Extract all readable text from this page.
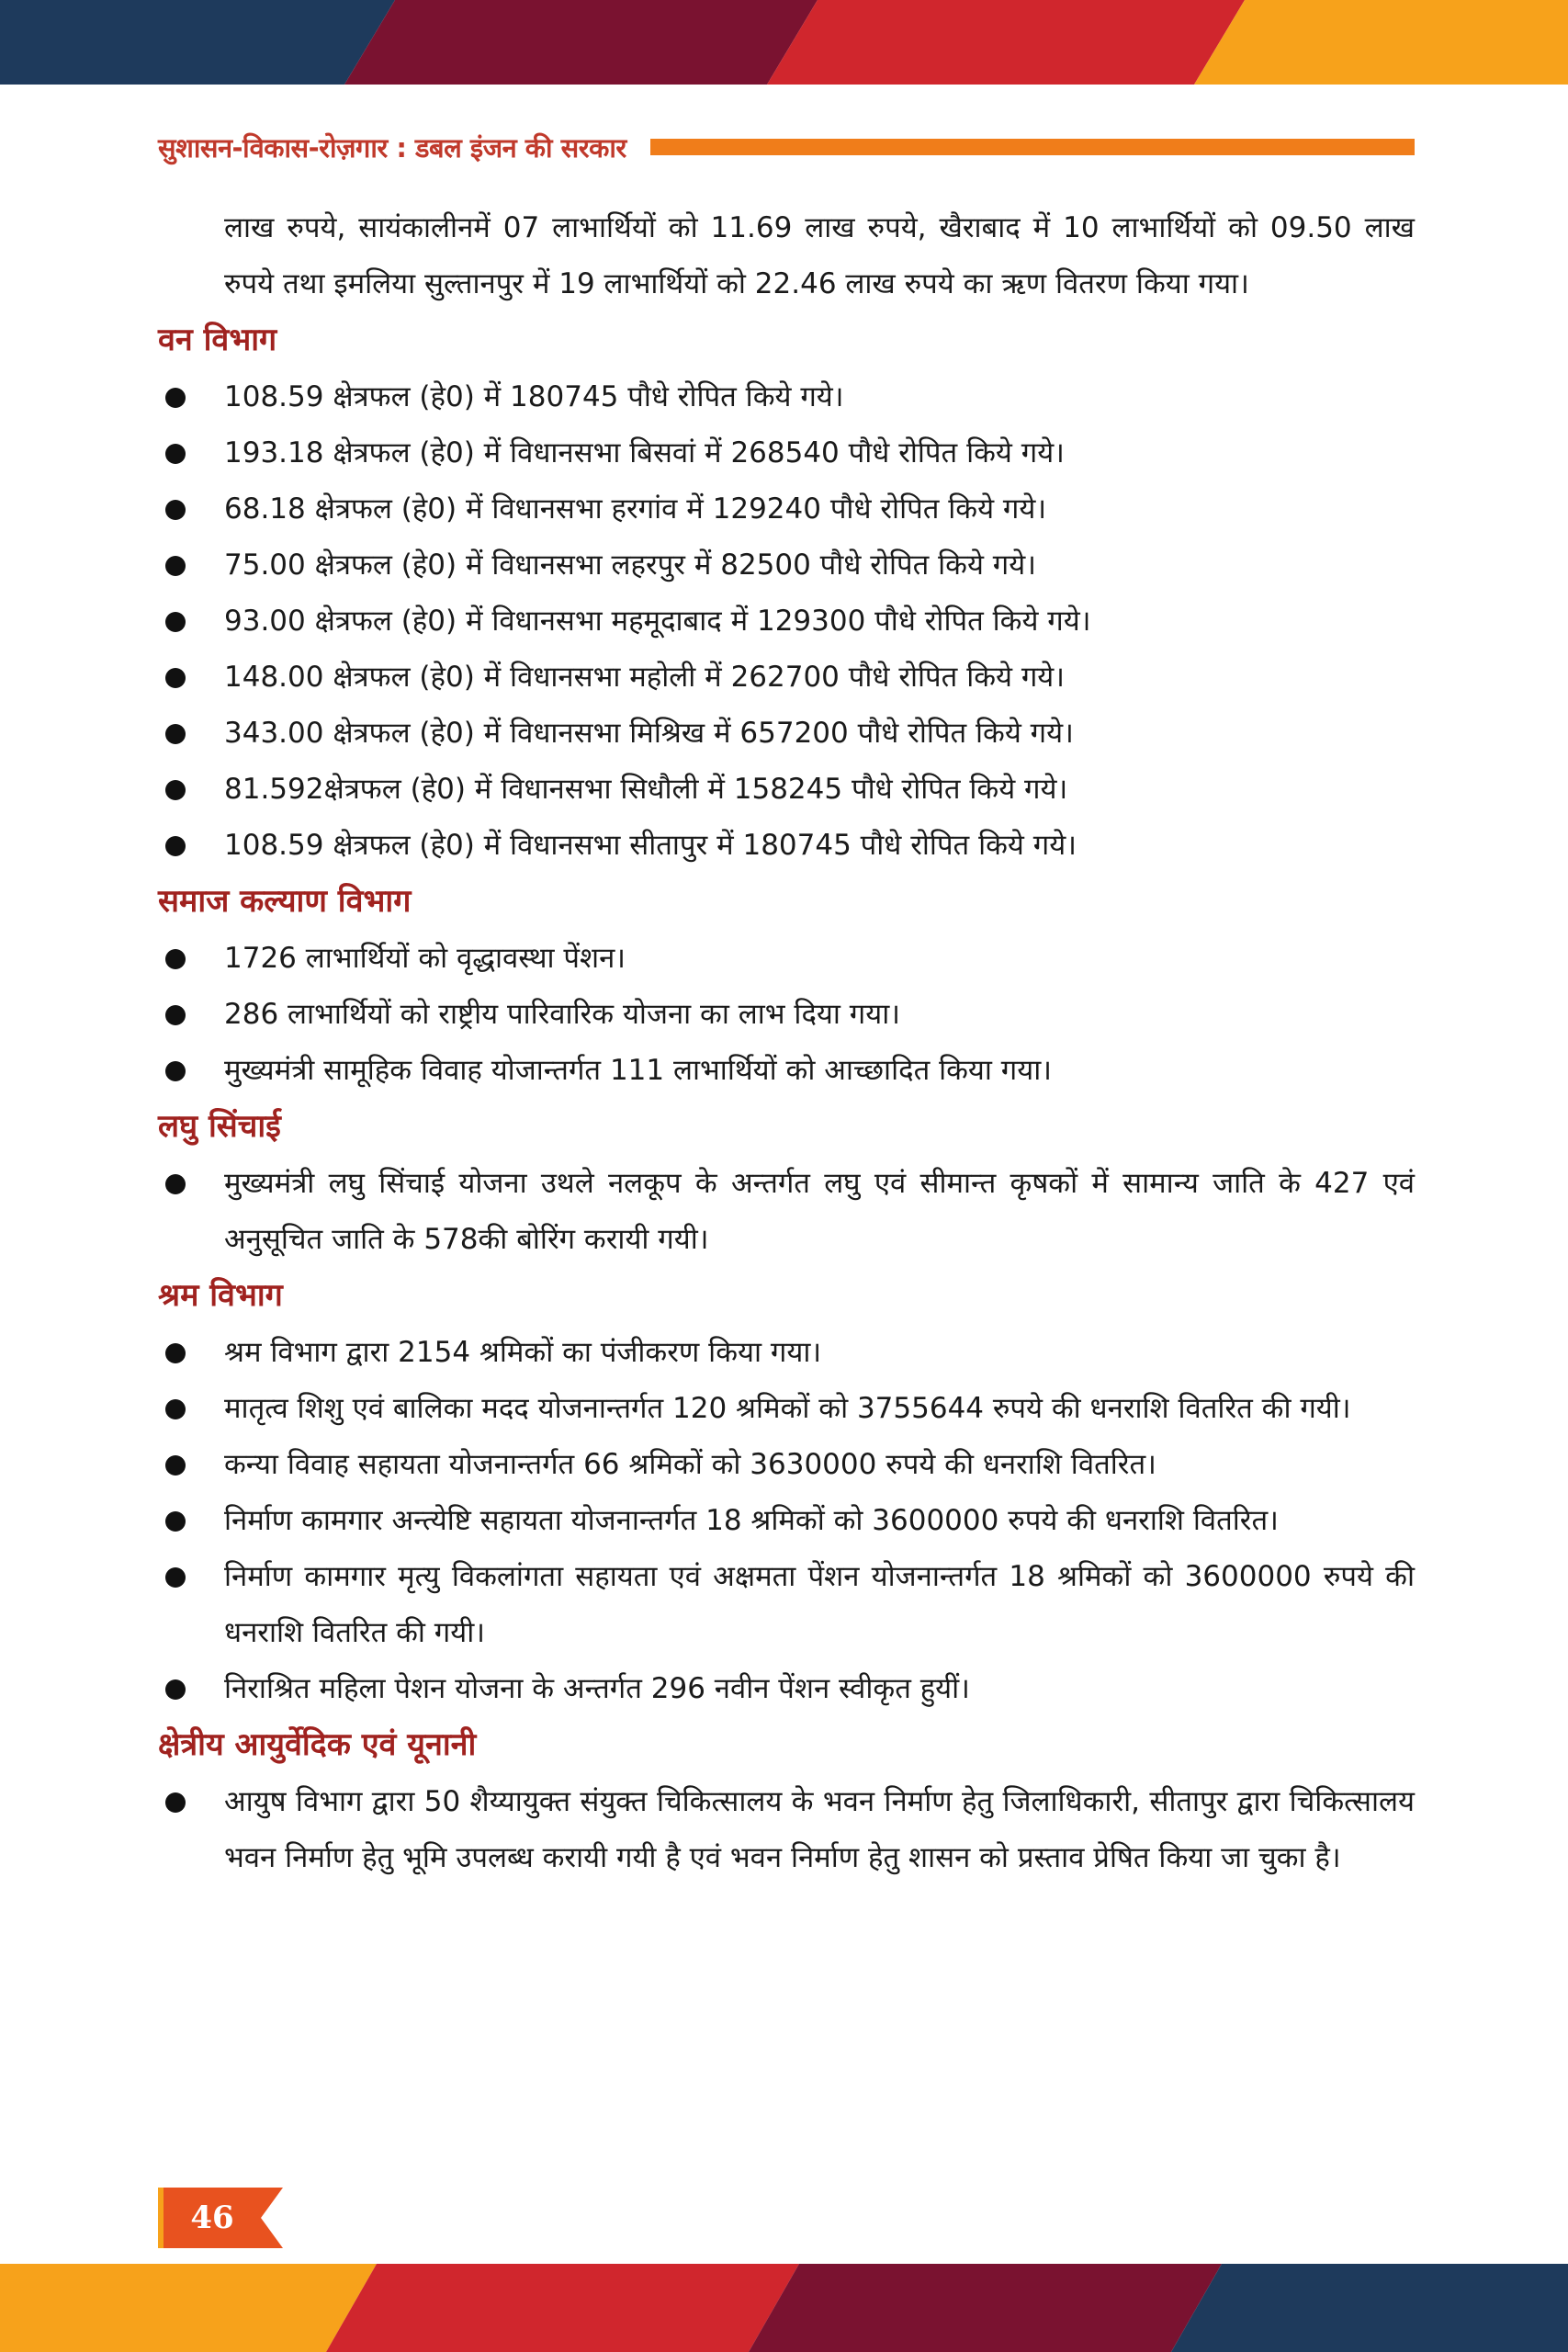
सुशासन-विकास-रोज़गार : डबल इंजन की सरकार

लाख रुपये, सायंकालीनमें 07 लाभार्थियों को 11.69 लाख रुपये, खैराबाद में 10 लाभार्थियों को 09.50 लाख रुपये तथा इमलिया सुल्तानपुर में 19 लाभार्थियों को 22.46 लाख रुपये का ऋण वितरण किया गया।

वन विभाग
108.59 क्षेत्रफल (हे0) में 180745 पौधे रोपित किये गये।
193.18 क्षेत्रफल (हे0) में विधानसभा बिसवां में 268540 पौधे रोपित किये गये।
68.18 क्षेत्रफल (हे0) में विधानसभा हरगांव में 129240 पौधे रोपित किये गये।
75.00 क्षेत्रफल (हे0) में विधानसभा लहरपुर में 82500 पौधे रोपित किये गये।
93.00 क्षेत्रफल (हे0) में विधानसभा महमूदाबाद में 129300 पौधे रोपित किये गये।
148.00 क्षेत्रफल (हे0) में विधानसभा महोली में 262700 पौधे रोपित किये गये।
343.00 क्षेत्रफल (हे0) में विधानसभा मिश्रिख में 657200 पौधे रोपित किये गये।
81.592क्षेत्रफल (हे0) में विधानसभा सिधौली में 158245 पौधे रोपित किये गये।
108.59 क्षेत्रफल (हे0) में विधानसभा सीतापुर में 180745 पौधे रोपित किये गये।
समाज कल्याण विभाग
1726 लाभार्थियों को वृद्धावस्था पेंशन।
286 लाभार्थियों को राष्ट्रीय पारिवारिक योजना का लाभ दिया गया।
मुख्यमंत्री सामूहिक विवाह योजान्तर्गत 111 लाभार्थियों को आच्छादित किया गया।
लघु सिंचाई
मुख्यमंत्री लघु सिंचाई योजना उथले नलकूप के अन्तर्गत लघु एवं सीमान्त कृषकों में सामान्य जाति के 427 एवं अनुसूचित जाति के 578की बोरिंग करायी गयी।
श्रम विभाग
श्रम विभाग द्वारा 2154 श्रमिकों का पंजीकरण किया गया।
मातृत्व शिशु एवं बालिका मदद योजनान्तर्गत 120 श्रमिकों को 3755644 रुपये की धनराशि वितरित की गयी।
कन्या विवाह सहायता योजनान्तर्गत 66 श्रमिकों को 3630000 रुपये की धनराशि वितरित।
निर्माण कामगार अन्त्येष्टि सहायता योजनान्तर्गत 18 श्रमिकों को 3600000 रुपये की धनराशि वितरित।
निर्माण कामगार मृत्यु विकलांगता सहायता एवं अक्षमता पेंशन योजनान्तर्गत 18 श्रमिकों को 3600000 रुपये की धनराशि वितरित की गयी।
निराश्रित महिला पेशन योजना के अन्तर्गत 296 नवीन पेंशन स्वीकृत हुयीं।
क्षेत्रीय आयुर्वेदिक एवं यूनानी
आयुष विभाग द्वारा 50 शैय्यायुक्त संयुक्त चिकित्सालय के भवन निर्माण हेतु जिलाधिकारी, सीतापुर द्वारा चिकित्सालय भवन निर्माण हेतु भूमि उपलब्ध करायी गयी है एवं भवन निर्माण हेतु शासन को प्रस्ताव प्रेषित किया जा चुका है।
46
